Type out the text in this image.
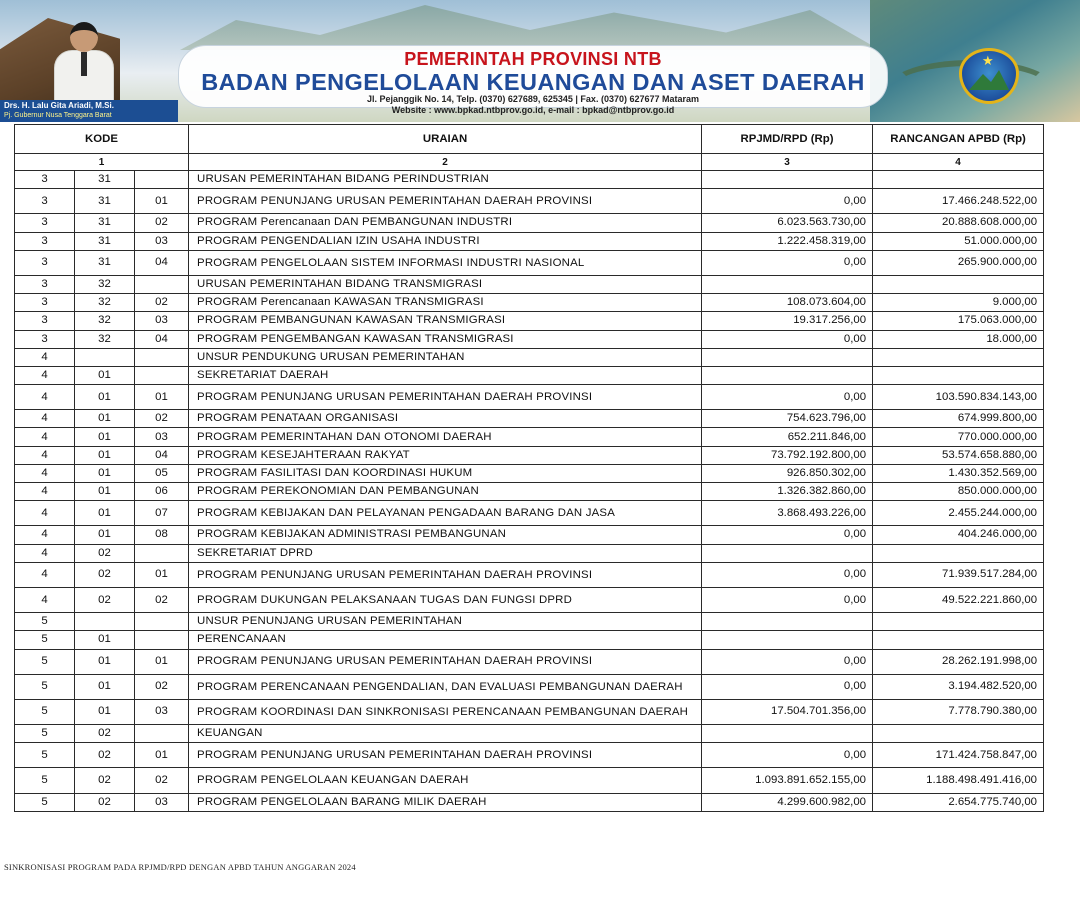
Drs. H. Lalu Gita Ariadi, M.Si.
Pj. Gubernur Nusa Tenggara Barat
PEMERINTAH PROVINSI NTB
BADAN PENGELOLAAN KEUANGAN DAN ASET DAERAH
Jl. Pejanggik No. 14, Telp. (0370) 627689, 625345 | Fax. (0370) 627677 Mataram
Website : www.bpkad.ntbprov.go.id, e-mail : bpkad@ntbprov.go.id
★
KODE			URAIAN	RPJMD/RPD (Rp)	RANCANGAN APBD (Rp)
1			2	3	4
3	31		URUSAN PEMERINTAHAN BIDANG PERINDUSTRIAN		
3	31	01	PROGRAM PENUNJANG URUSAN PEMERINTAHAN DAERAH PROVINSI	0,00	17.466.248.522,00
3	31	02	PROGRAM Perencanaan DAN PEMBANGUNAN INDUSTRI	6.023.563.730,00	20.888.608.000,00
3	31	03	PROGRAM PENGENDALIAN IZIN USAHA INDUSTRI	1.222.458.319,00	51.000.000,00
3	31	04	PROGRAM PENGELOLAAN SISTEM INFORMASI INDUSTRI NASIONAL	0,00	265.900.000,00
3	32		URUSAN PEMERINTAHAN BIDANG TRANSMIGRASI		
3	32	02	PROGRAM Perencanaan KAWASAN TRANSMIGRASI	108.073.604,00	9.000,00
3	32	03	PROGRAM PEMBANGUNAN KAWASAN TRANSMIGRASI	19.317.256,00	175.063.000,00
3	32	04	PROGRAM PENGEMBANGAN KAWASAN TRANSMIGRASI	0,00	18.000,00
4			UNSUR PENDUKUNG URUSAN PEMERINTAHAN		
4	01		SEKRETARIAT DAERAH		
4	01	01	PROGRAM PENUNJANG URUSAN PEMERINTAHAN DAERAH PROVINSI	0,00	103.590.834.143,00
4	01	02	PROGRAM PENATAAN ORGANISASI	754.623.796,00	674.999.800,00
4	01	03	PROGRAM PEMERINTAHAN DAN OTONOMI DAERAH	652.211.846,00	770.000.000,00
4	01	04	PROGRAM KESEJAHTERAAN RAKYAT	73.792.192.800,00	53.574.658.880,00
4	01	05	PROGRAM FASILITASI DAN KOORDINASI HUKUM	926.850.302,00	1.430.352.569,00
4	01	06	PROGRAM PEREKONOMIAN DAN PEMBANGUNAN	1.326.382.860,00	850.000.000,00
4	01	07	PROGRAM KEBIJAKAN DAN PELAYANAN PENGADAAN BARANG DAN JASA	3.868.493.226,00	2.455.244.000,00
4	01	08	PROGRAM KEBIJAKAN ADMINISTRASI PEMBANGUNAN	0,00	404.246.000,00
4	02		SEKRETARIAT DPRD		
4	02	01	PROGRAM PENUNJANG URUSAN PEMERINTAHAN DAERAH PROVINSI	0,00	71.939.517.284,00
4	02	02	PROGRAM DUKUNGAN PELAKSANAAN TUGAS DAN FUNGSI DPRD	0,00	49.522.221.860,00
5			UNSUR PENUNJANG URUSAN PEMERINTAHAN		
5	01		PERENCANAAN		
5	01	01	PROGRAM PENUNJANG URUSAN PEMERINTAHAN DAERAH PROVINSI	0,00	28.262.191.998,00
5	01	02	PROGRAM PERENCANAAN PENGENDALIAN, DAN EVALUASI PEMBANGUNAN DAERAH	0,00	3.194.482.520,00
5	01	03	PROGRAM KOORDINASI DAN SINKRONISASI PERENCANAAN PEMBANGUNAN DAERAH	17.504.701.356,00	7.778.790.380,00
5	02		KEUANGAN		
5	02	01	PROGRAM PENUNJANG URUSAN PEMERINTAHAN DAERAH PROVINSI	0,00	171.424.758.847,00
5	02	02	PROGRAM PENGELOLAAN KEUANGAN DAERAH	1.093.891.652.155,00	1.188.498.491.416,00
5	02	03	PROGRAM PENGELOLAAN BARANG MILIK DAERAH	4.299.600.982,00	2.654.775.740,00
SINKRONISASI PROGRAM PADA RPJMD/RPD DENGAN APBD TAHUN ANGGARAN 2024
